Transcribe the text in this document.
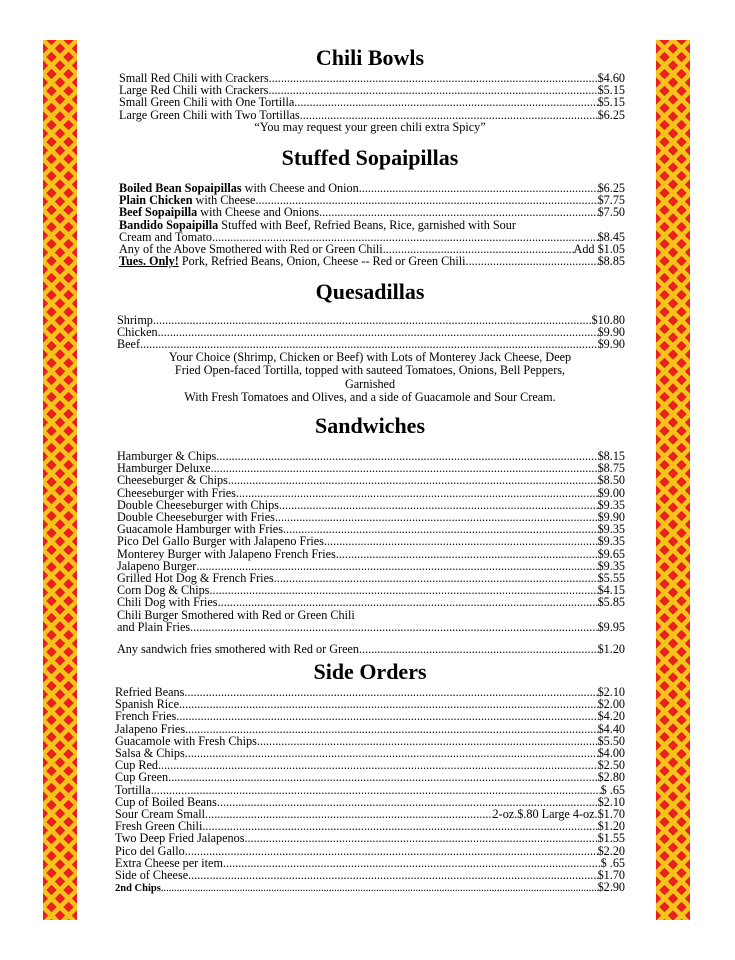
Chili Bowls
Small Red Chili with Crackers .....	$4.60
Large Red Chili with Crackers .....	$5.15
Small Green Chili with One Tortilla .....	$5.15
Large Green Chili with Two Tortillas .....	$6.25
“You may request your green chili extra Spicy”
Stuffed Sopaipillas
Boiled Bean Sopaipillas with Cheese and Onion .....	$6.25
Plain Chicken with Cheese .....	$7.75
Beef Sopaipilla with Cheese and Onions .....	$7.50
Bandido Sopaipilla Stuffed with Beef, Refried Beans, Rice, garnished with Sour
Cream and Tomato .....	$8.45
Any of the Above Smothered with Red or Green Chili .....	Add $1.05
Tues. Only! Pork, Refried Beans, Onion, Cheese -- Red or Green Chili .....	$8.85
Quesadillas
Shrimp .....	$10.80
Chicken .....	$9.90
Beef .....	$9.90
Your Choice (Shrimp, Chicken or Beef) with Lots of Monterey Jack Cheese, Deep
Fried Open-faced Tortilla, topped with sauteed Tomatoes, Onions, Bell Peppers,
Garnished
With Fresh Tomatoes and Olives, and a side of Guacamole and Sour Cream.
Sandwiches
Hamburger & Chips .....	$8.15
Hamburger Deluxe .....	$8.75
Cheeseburger & Chips .....	$8.50
Cheeseburger with Fries .....	$9.00
Double Cheeseburger with Chips .....	$9.35
Double Cheeseburger with Fries .....	$9.90
Guacamole Hamburger with Fries .....	$9.35
Pico Del Gallo Burger with Jalapeno Fries .....	$9.35
Monterey Burger with Jalapeno French Fries .....	$9.65
Jalapeno Burger .....	$9.35
Grilled Hot Dog & French Fries .....	$5.55
Corn Dog & Chips .....	$4.15
Chili Dog with Fries .....	$5.85
Chili Burger Smothered with Red or Green Chili
and Plain Fries .....	$9.95
Any sandwich fries smothered with Red or Green .....	$1.20
Side Orders
Refried Beans .....	$2.10
Spanish Rice .....	$2.00
French Fries .....	$4.20
Jalapeno Fries .....	$4.40
Guacamole with Fresh Chips .....	$5.50
Salsa & Chips .....	$4.00
Cup Red .....	$2.50
Cup Green .....	$2.80
Tortilla .....	$ .65
Cup of Boiled Beans .....	$2.10
Sour Cream Small .....	2-oz.$.80 Large 4-oz. $1.70
Fresh Green Chili .....	$1.20
Two Deep Fried Jalapenos .....	$1.55
Pico del Gallo .....	$2.20
Extra Cheese per item .....	$ .65
Side of Cheese .....	$1.70
2nd Chips .....	$2.90
